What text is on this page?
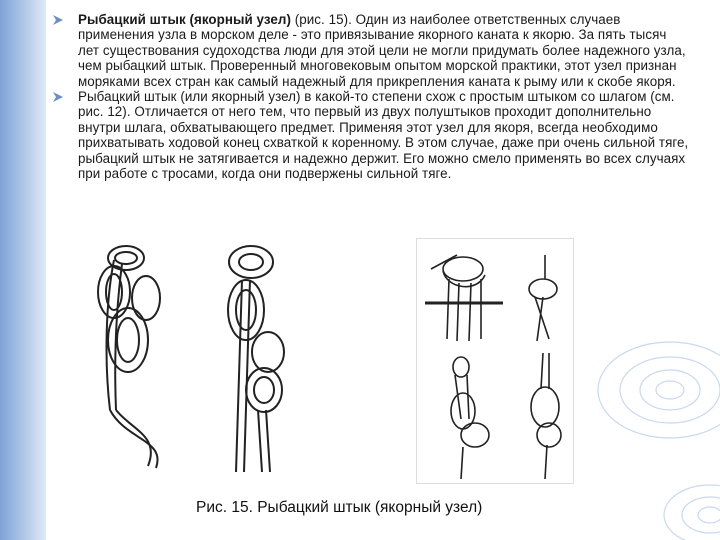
Рыбацкий штык (якорный узел) (рис. 15). Один из наиболее ответственных случаев применения узла в морском деле - это привязывание якорного каната к якорю. За пять тысяч лет существования судоходства люди для этой цели не могли придумать более надежного узла, чем рыбацкий штык. Проверенный многовековым опытом морской практики, этот узел признан моряками всех стран как самый надежный для прикрепления каната к рыму или к скобе якоря.

Рыбацкий штык (или якорный узел) в какой-то степени схож с простым штыком со шлагом (см. рис. 12). Отличается от него тем, что первый из двух полуштыков проходит дополнительно внутри шлага, обхватывающего предмет. Применяя этот узел для якоря, всегда необходимо прихватывать ходовой конец схваткой к коренному. В этом случае, даже при очень сильной тяге, рыбацкий штык не затягивается и надежно держит. Его можно смело применять во всех случаях при работе с тросами, когда они подвержены сильной тяге.

Рис. 15. Рыбацкий штык (якорный узел)
